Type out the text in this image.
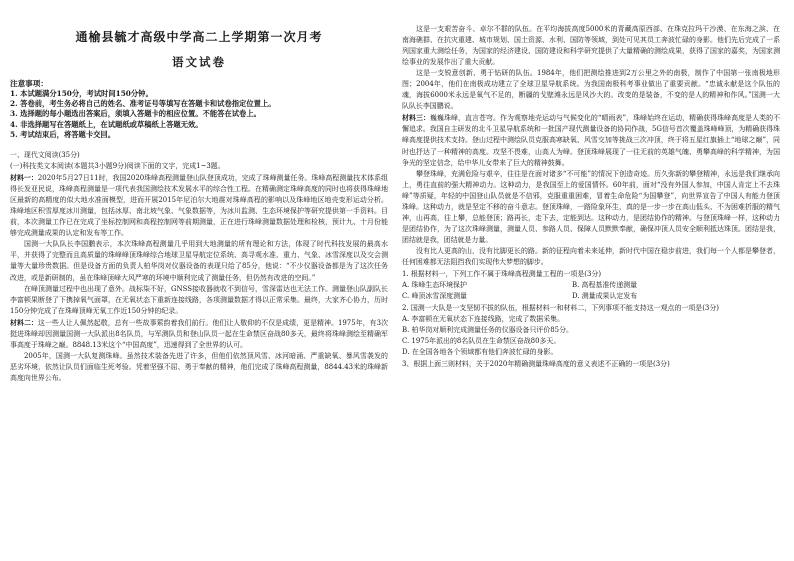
通榆县毓才高级中学高二上学期第一次月考
语文试卷
注意事项：
1. 本试题满分150分，考试时间150分钟。
2. 答卷前，考生务必将自己的姓名、准考证号等填写在答题卡和试卷指定位置上。
3. 选择题的每小题选出答案后，须填入答题卡的相应位置。不能答在试卷上。
4. 非选择题写在答题纸上，在试题纸或草稿纸上答题无效。
5. 考试结束后，将答题卡交回。

一、现代文阅读(35分)

(一)科技类文本阅读(本题共3小题9分)阅读下面的文字，完成1~3题。

材料一：2020年5月27日11时，我国2020珠峰高程测量登山队登顶成功，完成了珠峰测量任务。珠峰高程测量技术体系组得长发亚民说，珠峰高程测量是一项代表我国测绘技术发展水平的综合性工程。在精确测定珠峰高度的同时也将获得珠峰地区最新的高精度的似大地水准面模型，进而开展2015年尼泊尔大地震对珠峰高程的影响以及珠峰地区地壳变形运动分析。珠峰地区积雪厚度冰川测量，包括冰厚、南北坡气象、气象数据等，为冰川监测、生态环境保护等研究提供第一手资料。目前，本次测量工作已在完成了坐标控制网和高程控制网等前期测量，正在进行珠峰测量数据处理和检核，预计九、十月份能够完成测量成果的认定和发布等工作。

国测一大队队长李国鹏表示，本次珠峰高程测量几乎用到大地测量的所有理论和方法，体现了时代科技发展的最高水平，并获得了完整而且高质量的珠峰峰顶珠峰综合地球卫星导航定位系统、高寻观水准、重力、气象、冰雪深度以及交会测量等大量珍贵数据。但是设备方面的负责人柏华岗对仪器设备的表现只给了85分，他说：“不少仪器设备都是为了这次任务改进，或是新研制的，虽在珠峰顶峰大风严寒的环境中顺利完成了测量任务，但仍然有改进的空间。”

在峰顶测量过程中也出现了意外。战标柒不好，GNSS接收器就收不到信号，雪深雷达也无法工作。测量登山队副队长李富顿果断登了下携掉氧气面罩，在无氧状态下重新连接线路，各项测量数据才得以正常采集。最终，大家齐心协力，历时150分钟完成了在珠峰顶峰无氧工作近150分钟的纪录。

材料二：这一些人让人佩然起敬，总有一些故事萦韵着我们前行。他们让人敬仰的不仅是成绩，更是精神。1975年，有3次挺进珠峰却因测量国测一大队派出8名队员，与军测队员和登山队员一起在生命禁区奋战80多天，最终将珠峰测绘至精确军事高度于珠峰之巅。8848.13米这个“中国高度”，迅速得到了全世界的认可。

2005年，国测一大队复测珠峰。虽然技术装备先进了许多，但他们依然顶风雪、冰河暗涌、严重缺氧、暴风雪袭发的恶劣环境，依然让队员们面临生死考验。凭着坚强不屈、勇于奉献的精神，他们完成了珠峰高程测量，8844.43米的珠峰新高度向世界公布。

这是一支艰苦奋斗、卓尔不群的队伍。在平均海拔高度5000米的青藏高原西部、在珠克拉玛干沙漠、在东海之滨、在南海礁群、在抗灾重建、城市规划、国土资源、水利、国防等领域，到处可见其员工奔波忙碌的身影。他们先后完成了一系列国家重大测绘任务，为国家的经济建设、国防建设和科学研究提供了大量精确的测绘成果，获得了国家的嘉奖，为国家测绘事业的发展作出了重大贡献。

这是一支锐意创新、勇于钻研的队伍。1984年，他们把测绘推进到2万公里之外的南极，制作了中国第一张南极地形图；2004年，他们在南极成功建立了全球卫星导航系统。为我国南极科考事业做出了重要贡献。“忠诚永献是这个队伍的魂，海拔6000米永远是氧气不足的，断疆的戈壁滩永远是风沙大的。改变的是装备，不变的是人的精神和作风。”国测一大队队长李国鹏说。

材料三：巍巍珠峰，直言苍穹。作为观察地壳运动与气候变化的“晴雨表”，珠峰始终在运动，精确获得珠峰高度是人类的不懈追求。我国自主研发的北斗卫星导航系统和一批国产现代测量设备的协同作战，5G信号首次覆盖珠峰峰顶，为精确获得珠峰高度提供技术支持。登山过程中测绘队员克服高寒缺氧、风雪交加等挑战三次冲顶，终于将五星红旗插上“地球之巅”，同时也抒达了一种精神的高度。攻坚不畏难，山高人为峰。登顶珠峰展现了一往无前的英雄气魄、勇攀高峰的科学精神，为国争光的坚定信念，给中华儿女带来了巨大的精神鼓舞。

攀登珠峰，充满危险与艰辛，往往是在面对诸多“不可能”的情况下创造奇迹。历久弥新的攀登精神，永远是我们继承向上，勇往直前的强大精神动力。这种动力，是我国至上的爱国情怀。60年前，面对“没有外国人参加，中国人肯定上不去珠峰”等质疑，年轻的中国登山队员就是不信邪，克服重重困难，冒着生命危险“为国攀登”，向世界宣告了中国人有能力登顶珠峰。这种动力，就是坚定不移的奋斗意志。登顶珠峰，一路险象环生，真的是一步一步在高山低头、不为困难折服的精气神，山再高，往上攀，总能登顶；路再长，走下去，定能到达。这种动力，是团结协作的精神。与登顶珠峰一样，这种动力是团结协作，为了这次珠峰测量，测量人员、参路人员、保障人员默默奉献，确保冲顶人员安全顺利抵达珠顶。团结是我，团结就是我，团结就是力量。

没有比人更高的山，没有比脚更长的路。新的征程向着未来延伸，新时代中国在稳步前进，我们每一个人都是攀登者，任何困难都无法阻挡我们实现伟大梦想的脚步。

1. 根据材料一，下列工作不属于珠峰高程测量工程的一项是(3分)

A. 珠峰生态环境保护	B. 高程基准传递测量
C. 峰顶冰雪深度测量	D. 测量成果认定发布

2. 国测一大队是一支坚韧不拔的队伍，根据材料一和材料二，下列事项不能支持这一观点的一项是(3分)

A. 李富顿在无氧状态下连接线路，完成了数据采集。

B. 柏华岗对顺利完成测量任务的仪器设备只评价85分。

C. 1975年派出的8名队员在生命禁区奋战80多天。

D. 在全国各地各个领域都有他们奔波忙碌的身影。

3、根据上面三则材料，关于2020年精确测量珠峰高度的意义表述不正确的一项是(3分)
